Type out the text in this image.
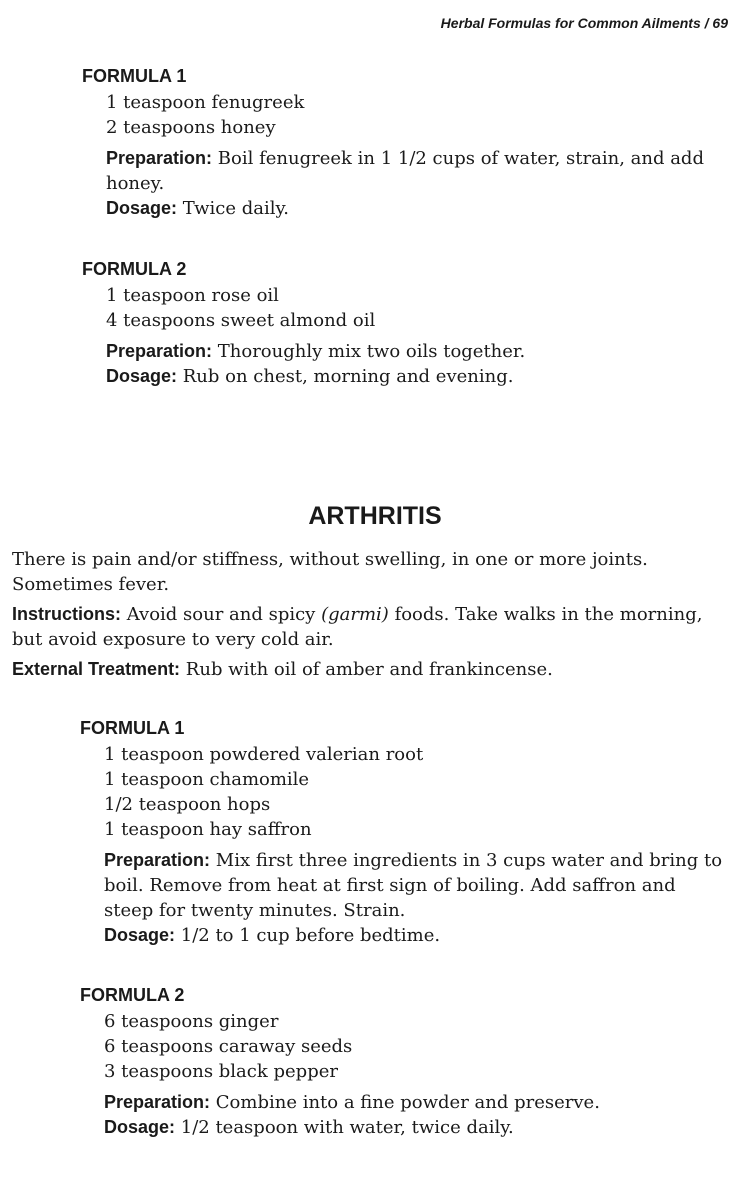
Herbal Formulas for Common Ailments / 69
FORMULA 1
1 teaspoon fenugreek
2 teaspoons honey
Preparation: Boil fenugreek in 1 1/2 cups of water, strain, and add honey.
Dosage: Twice daily.
FORMULA 2
1 teaspoon rose oil
4 teaspoons sweet almond oil
Preparation: Thoroughly mix two oils together.
Dosage: Rub on chest, morning and evening.
ARTHRITIS

There is pain and/or stiffness, without swelling, in one or more joints. Sometimes fever.

Instructions: Avoid sour and spicy (garmi) foods. Take walks in the morning, but avoid exposure to very cold air.

External Treatment: Rub with oil of amber and frankincense.

FORMULA 1
1 teaspoon powdered valerian root
1 teaspoon chamomile
1/2 teaspoon hops
1 teaspoon hay saffron
Preparation: Mix first three ingredients in 3 cups water and bring to boil. Remove from heat at first sign of boiling. Add saffron and steep for twenty minutes. Strain.
Dosage: 1/2 to 1 cup before bedtime.
FORMULA 2
6 teaspoons ginger
6 teaspoons caraway seeds
3 teaspoons black pepper
Preparation: Combine into a fine powder and preserve.
Dosage: 1/2 teaspoon with water, twice daily.
